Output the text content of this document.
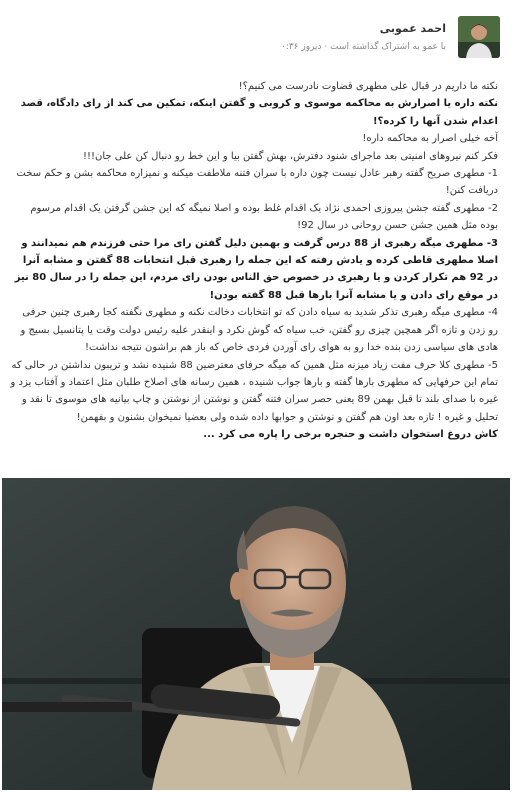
احمد عموبی
با عمو به اشتراک گذاشته است · دیروز ۰:۳۶

نکته ما داریم در قبال علی مطهری قضاوت نادرست می کنیم؟!

نکته داره یا اصرارش به محاکمه موسوی و کروبی و گفتن اینکه، تمکین می کند از رای دادگاه، قصد اعدام شدن آنها را کرده؟!

آخه خیلی اصرار به محاکمه داره!

فکر کنم نیروهای امنیتی بعد ماجرای شنود دفترش، بهش گفتن بیا و این خط رو دنبال کن علی جان!!!

1- مطهری صریح گفته رهبر عادل نیست چون داره با سران فتنه ملاطفت میکنه و نمیزاره محاکمه بشن و حکم سخت دریافت کنن!

2- مطهری گفته جشن پیروزی احمدی نژاد یک اقدام غلط بوده و اصلا نمیگه که این جشن گرفتن یک اقدام مرسوم بوده مثل همین جشن حسن روحانی در سال 92!

3- مطهری میگه رهبری از 88 درس گرفت و بهمین دلیل گفتن رای مرا حتی فرزندم هم نمیدانند و اصلا مطهری قاطی کرده و یادش رفته که این جمله را رهبری قبل انتخابات 88 گفتن و مشابه آنرا در 92 هم تکرار کردن و یا رهبری در خصوص حق الناس بودن رای مردم، این جمله را در سال 80 نیز در موقع رای دادن و یا مشابه آنرا بارها قبل 88 گفته بودن!

4- مطهری میگه رهبری تذکر شدید به سیاه دادن که تو انتخابات دخالت نکنه و مطهری نگفته کجا رهبری چنین حرفی رو زدن و تازه اگر همچین چیزی رو گفتن، خب سیاه که گوش نکرد و اینقدر علیه رئیس دولت وقت یا پتانسیل بسیج و هادی های سیاسی زدن بنده خدا رو به هوای رای آوردن فردی خاص که باز هم براشون نتیجه نداشت!

5- مطهری کلا حرف مفت زیاد میزنه مثل همین که میگه حرفای معترضین 88 شنیده نشد و تریبون نداشتن در حالی که تمام این حرفهایی که مطهری بارها گفته و بارها جواب شنیده ، همین رسانه های اصلاح طلبان مثل اعتماد و آفتاب یزد و غیره با صدای بلند تا قبل بهمن 89 یعنی حصر سران فتنه گفتن و نوشتن از نوشتن و چاپ بیانیه های موسوی تا نقد و تحلیل و غیره ! تازه بعد اون هم گفتن و نوشتن و جوابها داده شده ولی بعضیا نمیخوان بشنون و بفهمن!

کاش دروغ استخوان داشت و حنجره برخی را پاره می کرد ...
